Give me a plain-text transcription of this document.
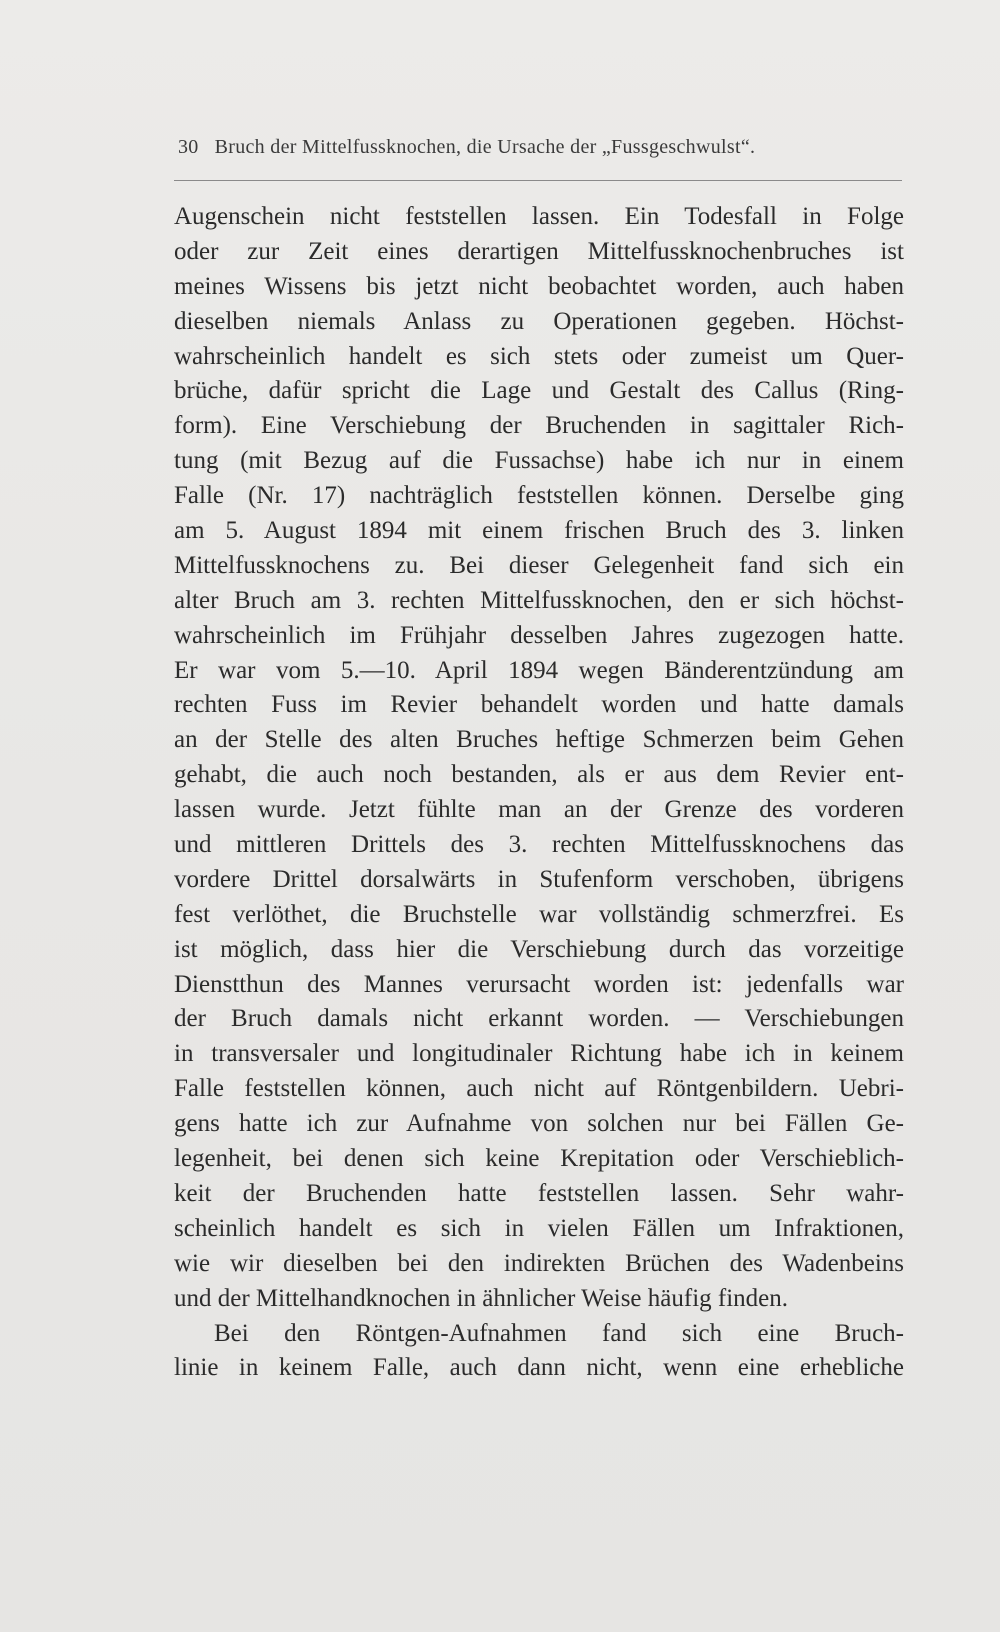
30 Bruch der Mittelfussknochen, die Ursache der „Fussgeschwulst“.
Augenschein nicht feststellen lassen. Ein Todesfall in Folge
oder zur Zeit eines derartigen Mittelfussknochenbruches ist
meines Wissens bis jetzt nicht beobachtet worden, auch haben
dieselben niemals Anlass zu Operationen gegeben. Höchst-
wahrscheinlich handelt es sich stets oder zumeist um Quer-
brüche, dafür spricht die Lage und Gestalt des Callus (Ring-
form). Eine Verschiebung der Bruchenden in sagittaler Rich-
tung (mit Bezug auf die Fussachse) habe ich nur in einem
Falle (Nr. 17) nachträglich feststellen können. Derselbe ging
am 5. August 1894 mit einem frischen Bruch des 3. linken
Mittelfussknochens zu. Bei dieser Gelegenheit fand sich ein
alter Bruch am 3. rechten Mittelfussknochen, den er sich höchst-
wahrscheinlich im Frühjahr desselben Jahres zugezogen hatte.
Er war vom 5.—10. April 1894 wegen Bänderentzündung am
rechten Fuss im Revier behandelt worden und hatte damals
an der Stelle des alten Bruches heftige Schmerzen beim Gehen
gehabt, die auch noch bestanden, als er aus dem Revier ent-
lassen wurde. Jetzt fühlte man an der Grenze des vorderen
und mittleren Drittels des 3. rechten Mittelfussknochens das
vordere Drittel dorsalwärts in Stufenform verschoben, übrigens
fest verlöthet, die Bruchstelle war vollständig schmerzfrei. Es
ist möglich, dass hier die Verschiebung durch das vorzeitige
Dienstthun des Mannes verursacht worden ist: jedenfalls war
der Bruch damals nicht erkannt worden. — Verschiebungen
in transversaler und longitudinaler Richtung habe ich in keinem
Falle feststellen können, auch nicht auf Röntgenbildern. Uebri-
gens hatte ich zur Aufnahme von solchen nur bei Fällen Ge-
legenheit, bei denen sich keine Krepitation oder Verschieblich-
keit der Bruchenden hatte feststellen lassen. Sehr wahr-
scheinlich handelt es sich in vielen Fällen um Infraktionen,
wie wir dieselben bei den indirekten Brüchen des Wadenbeins
und der Mittelhandknochen in ähnlicher Weise häufig finden.
Bei den Röntgen-Aufnahmen fand sich eine Bruch-
linie in keinem Falle, auch dann nicht, wenn eine erhebliche
